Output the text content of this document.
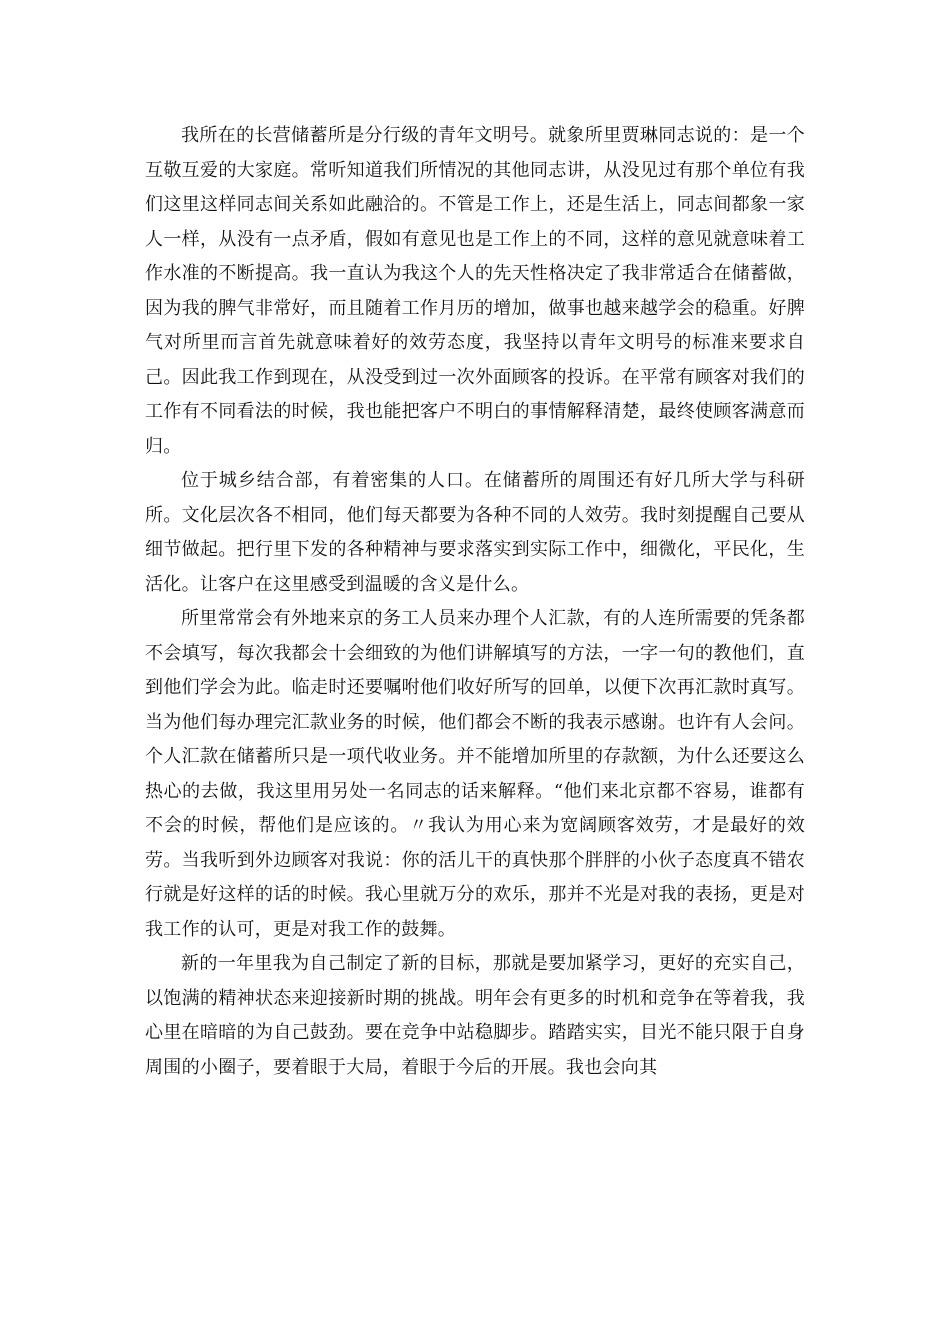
我所在的长营储蓄所是分行级的青年文明号。就象所里贾琳同志说的：是一个互敬互爱的大家庭。常听知道我们所情况的其他同志讲，从没见过有那个单位有我们这里这样同志间关系如此融洽的。不管是工作上，还是生活上，同志间都象一家人一样，从没有一点矛盾，假如有意见也是工作上的不同，这样的意见就意味着工作水准的不断提高。我一直认为我这个人的先天性格决定了我非常适合在储蓄做，因为我的脾气非常好，而且随着工作月历的增加，做事也越来越学会的稳重。好脾气对所里而言首先就意味着好的效劳态度，我坚持以青年文明号的标准来要求自己。因此我工作到现在，从没受到过一次外面顾客的投诉。在平常有顾客对我们的工作有不同看法的时候，我也能把客户不明白的事情解释清楚，最终使顾客满意而归。

位于城乡结合部，有着密集的人口。在储蓄所的周围还有好几所大学与科研所。文化层次各不相同，他们每天都要为各种不同的人效劳。我时刻提醒自己要从细节做起。把行里下发的各种精神与要求落实到实际工作中，细微化，平民化，生活化。让客户在这里感受到温暖的含义是什么。

所里常常会有外地来京的务工人员来办理个人汇款，有的人连所需要的凭条都不会填写，每次我都会十会细致的为他们讲解填写的方法，一字一句的教他们，直到他们学会为此。临走时还要嘱咐他们收好所写的回单，以便下次再汇款时真写。当为他们每办理完汇款业务的时候，他们都会不断的我表示感谢。也许有人会问。个人汇款在储蓄所只是一项代收业务。并不能增加所里的存款额，为什么还要这么热心的去做，我这里用另处一名同志的话来解释。“他们来北京都不容易，谁都有不会的时候，帮他们是应该的。〃我认为用心来为宽阔顾客效劳，才是最好的效劳。当我听到外边顾客对我说：你的活儿干的真快那个胖胖的小伙子态度真不错农行就是好这样的话的时候。我心里就万分的欢乐，那并不光是对我的表扬，更是对我工作的认可，更是对我工作的鼓舞。

新的一年里我为自己制定了新的目标，那就是要加紧学习，更好的充实自己，以饱满的精神状态来迎接新时期的挑战。明年会有更多的时机和竞争在等着我，我心里在暗暗的为自己鼓劲。要在竞争中站稳脚步。踏踏实实，目光不能只限于自身周围的小圈子，要着眼于大局，着眼于今后的开展。我也会向其
